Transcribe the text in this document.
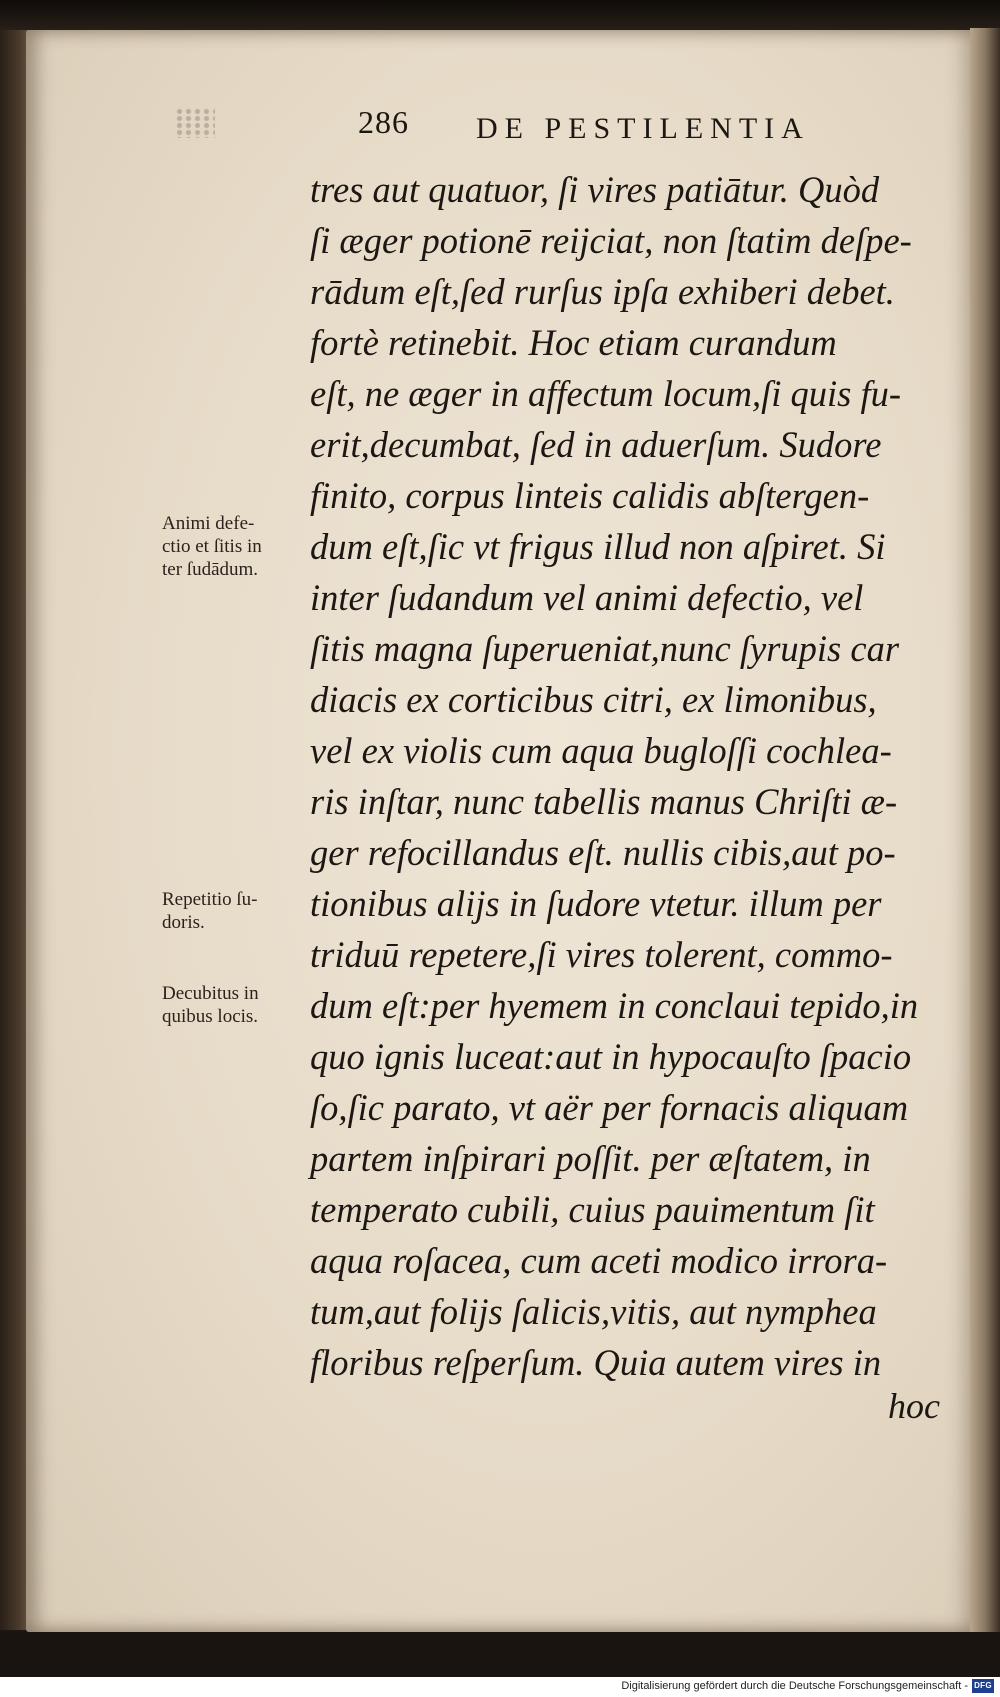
286 DE PESTILENTIA
tres aut quatuor, ſi vires patiātur. Quòd
ſi æger potionē reijciat, non ſtatim deſpe-
rādum eſt,ſed rurſus ipſa exhiberi debet.
fortè retinebit. Hoc etiam curandum
eſt, ne æger in affectum locum,ſi quis fu-
erit,decumbat, ſed in aduerſum. Sudore
finito, corpus linteis calidis abſtergen-
dum eſt,ſic vt frigus illud non aſpiret. Si
inter ſudandum vel animi defectio, vel
ſitis magna ſuperueniat,nunc ſyrupis car
diacis ex corticibus citri, ex limonibus,
vel ex violis cum aqua bugloſſi cochlea-
ris inſtar, nunc tabellis manus Chriſti æ-
ger refocillandus eſt. nullis cibis,aut po-
tionibus alijs in ſudore vtetur. illum per
triduū repetere,ſi vires tolerent, commo-
dum eſt:per hyemem in conclaui tepido,in
quo ignis luceat:aut in hypocauſto ſpacio
ſo,ſic parato, vt aër per fornacis aliquam
partem inſpirari poſſit. per æſtatem, in
temperato cubili, cuius pauimentum ſit
aqua roſacea, cum aceti modico irrora-
tum,aut folijs ſalicis,vitis, aut nymphea
floribus reſperſum. Quia autem vires in
hoc
Animi defe-
ctio et ſitis in
ter ſudādum.
Repetitio ſu-
doris.
Decubitus in
quibus locis.
Digitalisierung gefördert durch die Deutsche Forschungsgemeinschaft - DFG
